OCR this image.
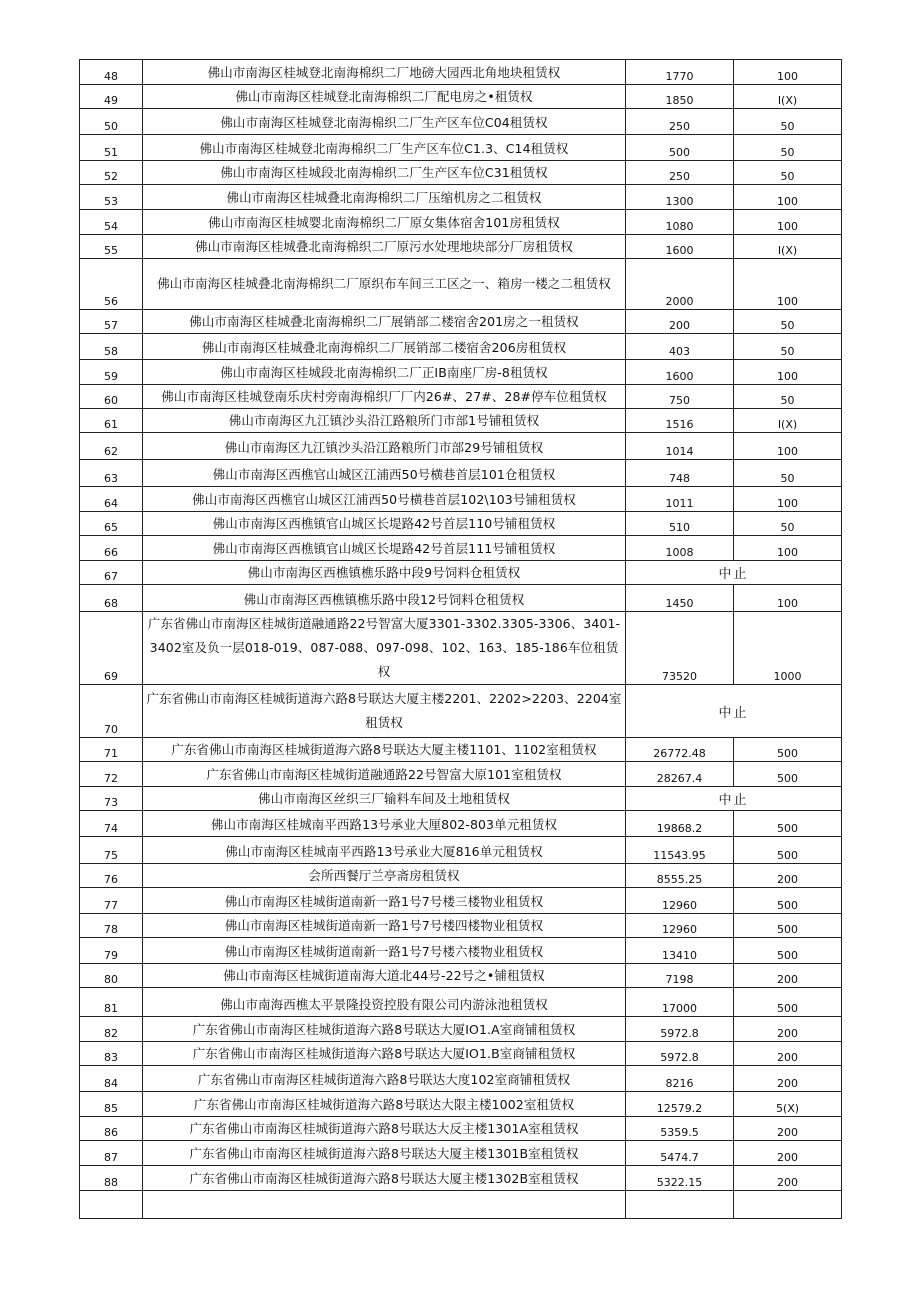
48	佛山市南海区桂城登北南海棉织二厂地磅大园西北角地块租赁权	1770	100
49	佛山市南海区桂城登北南海棉织二厂配电房之•租赁权	1850	I(X)
50	佛山市南海区桂城登北南海棉织二厂生产区车位C04租赁权	250	50
51	佛山市南海区桂城登北南海棉织二厂生产区车位C1.3、C14租赁权	500	50
52	佛山市南海区桂城段北南海棉织二厂生产区车位C31租赁权	250	50
53	佛山市南海区桂城叠北南海棉织二厂压缩机房之二租赁权	1300	100
54	佛山市南海区桂城婴北南海棉织二厂原女集体宿舍101房租赁权	1080	100
55	佛山市南海区桂城叠北南海棉织二厂原污水处理地块部分厂房租赁权	1600	I(X)
56	佛山市南海区桂城叠北南海棉织二厂原织布车间三工区之一、箱房一楼之二租赁权	2000	100
57	佛山市南海区桂城叠北南海棉织二厂展销部二楼宿舍201房之一租赁权	200	50
58	佛山市南海区桂城叠北南海棉织二厂展销部二楼宿舍206房租赁权	403	50
59	佛山市南海区桂城段北南海棉织二厂正IB南座厂房-8租赁权	1600	100
60	佛山市南海区桂城登南乐庆村旁南海棉织厂厂内26#、27#、28#停车位租赁权	750	50
61	佛山市南海区九江镇沙头沿江路粮所门市部1号铺租赁权	1516	I(X)
62	佛山市南海区九江镇沙头沿江路粮所门市部29号铺租赁权	1014	100
63	佛山市南海区西樵官山城区江浦西50号横巷首层101仓租赁权	748	50
64	佛山市南海区西樵官山城区江浦西50号横巷首层102\103号铺租赁权	1011	100
65	佛山市南海区西樵镇官山城区长堤路42号首层110号铺租赁权	510	50
66	佛山市南海区西樵镇官山城区长堤路42号首层111号铺租赁权	1008	100
67	佛山市南海区西樵镇樵乐路中段9号饲料仓租赁权	中止	
68	佛山市南海区西樵镇樵乐路中段12号饲料仓租赁权	1450	100
69	广东省佛山市南海区桂城街道融通路22号智富大厦3301-3302.3305-3306、3401-3402室及负一层018-019、087-088、097-098、102、163、185-186车位租赁权	73520	1000
70	广东省佛山市南海区桂城街道海六路8号联达大厦主楼2201、2202>2203、2204室租赁权	中止	
71	广东省佛山市南海区桂城街道海六路8号联达大厦主楼1101、1102室租赁权	26772.48	500
72	广东省佛山市南海区桂城街道融通路22号智富大原101室租赁权	28267.4	500
73	佛山市南海区丝织三厂输料车间及土地租赁权	中止	
74	佛山市南海区桂城南平西路13号承业大厘802-803单元租赁权	19868.2	500
75	佛山市南海区桂城南平西路13号承业大厦816单元租赁权	11543.95	500
76	会所西餐厅兰亭斋房租赁权	8555.25	200
77	佛山市南海区桂城街道南新一路1号7号楼三楼物业租赁权	12960	500
78	佛山市南海区桂城街道南新一路1号7号楼四楼物业租赁权	12960	500
79	佛山市南海区桂城街道南新一路1号7号楼六楼物业租赁权	13410	500
80	佛山市南海区桂城街道南海大道北44号-22号之•铺租赁权	7198	200
81	佛山市南海西樵太平景隆投资控股有限公司内游泳池租赁权	17000	500
82	广东省佛山市南海区桂城街道海六路8号联达大厦IO1.A室商铺租赁权	5972.8	200
83	广东省佛山市南海区桂城街道海六路8号联达大厦IO1.B室商铺租赁权	5972.8	200
84	广东省佛山市南海区桂城街道海六路8号联达大度102室商铺租赁权	8216	200
85	广东省佛山市南海区桂城街道海六路8号联达大限主楼1002室租赁权	12579.2	5(X)
86	广东省佛山市南海区桂城街道海六路8号联达大反主楼1301A室租赁权	5359.5	200
87	广东省佛山市南海区桂城街道海六路8号联达大厦主楼1301B室租赁权	5474.7	200
88	广东省佛山市南海区桂城街道海六路8号联达大厦主楼1302B室租赁权	5322.15	200
